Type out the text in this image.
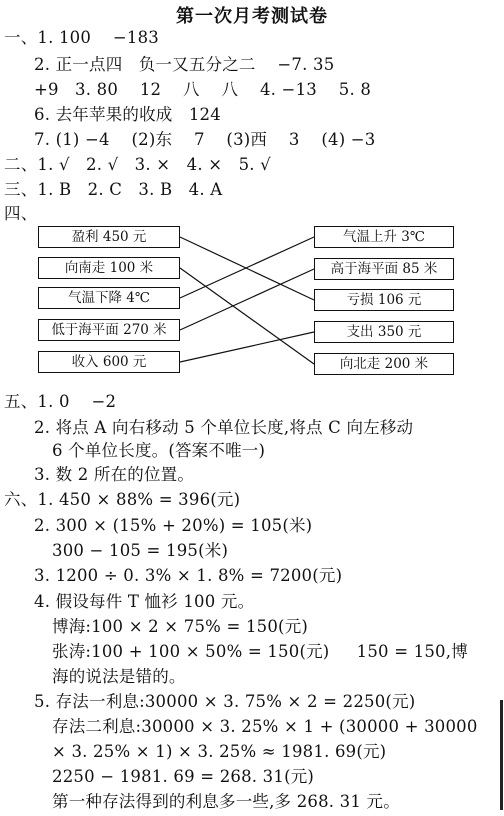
第一次月考测试卷
一、1. 100    −183
2. 正一点四   负一又五分之二    −7. 35
+9   3. 80    12    八    八    4. −13    5. 8
6. 去年苹果的收成   124
7. (1) −4    (2)东    7    (3)西    3    (4) −3
二、1. √   2. √   3. ×   4. ×   5. √
三、1. B   2. C   3. B   4. A
四、
盈利 450 元
向南走 100 米
气温下降 4℃
低于海平面 270 米
收入 600 元
气温上升 3℃
高于海平面 85 米
亏损 106 元
支出 350 元
向北走 200 米
五、1. 0    −2
2. 将点 A 向右移动 5 个单位长度,将点 C 向左移动
6 个单位长度。(答案不唯一)
3. 数 2 所在的位置。
六、1. 450 × 88% = 396(元)
2. 300 × (15% + 20%) = 105(米)
300 − 105 = 195(米)
3. 1200 ÷ 0. 3% × 1. 8% = 7200(元)
4. 假设每件 T 恤衫 100 元。
博海:100 × 2 × 75% = 150(元)
张涛:100 + 100 × 50% = 150(元)     150 = 150,博
海的说法是错的。
5. 存法一利息:30000 × 3. 75% × 2 = 2250(元)
存法二利息:30000 × 3. 25% × 1 + (30000 + 30000
× 3. 25% × 1) × 3. 25% ≈ 1981. 69(元)
2250 − 1981. 69 = 268. 31(元)
第一种存法得到的利息多一些,多 268. 31 元。
